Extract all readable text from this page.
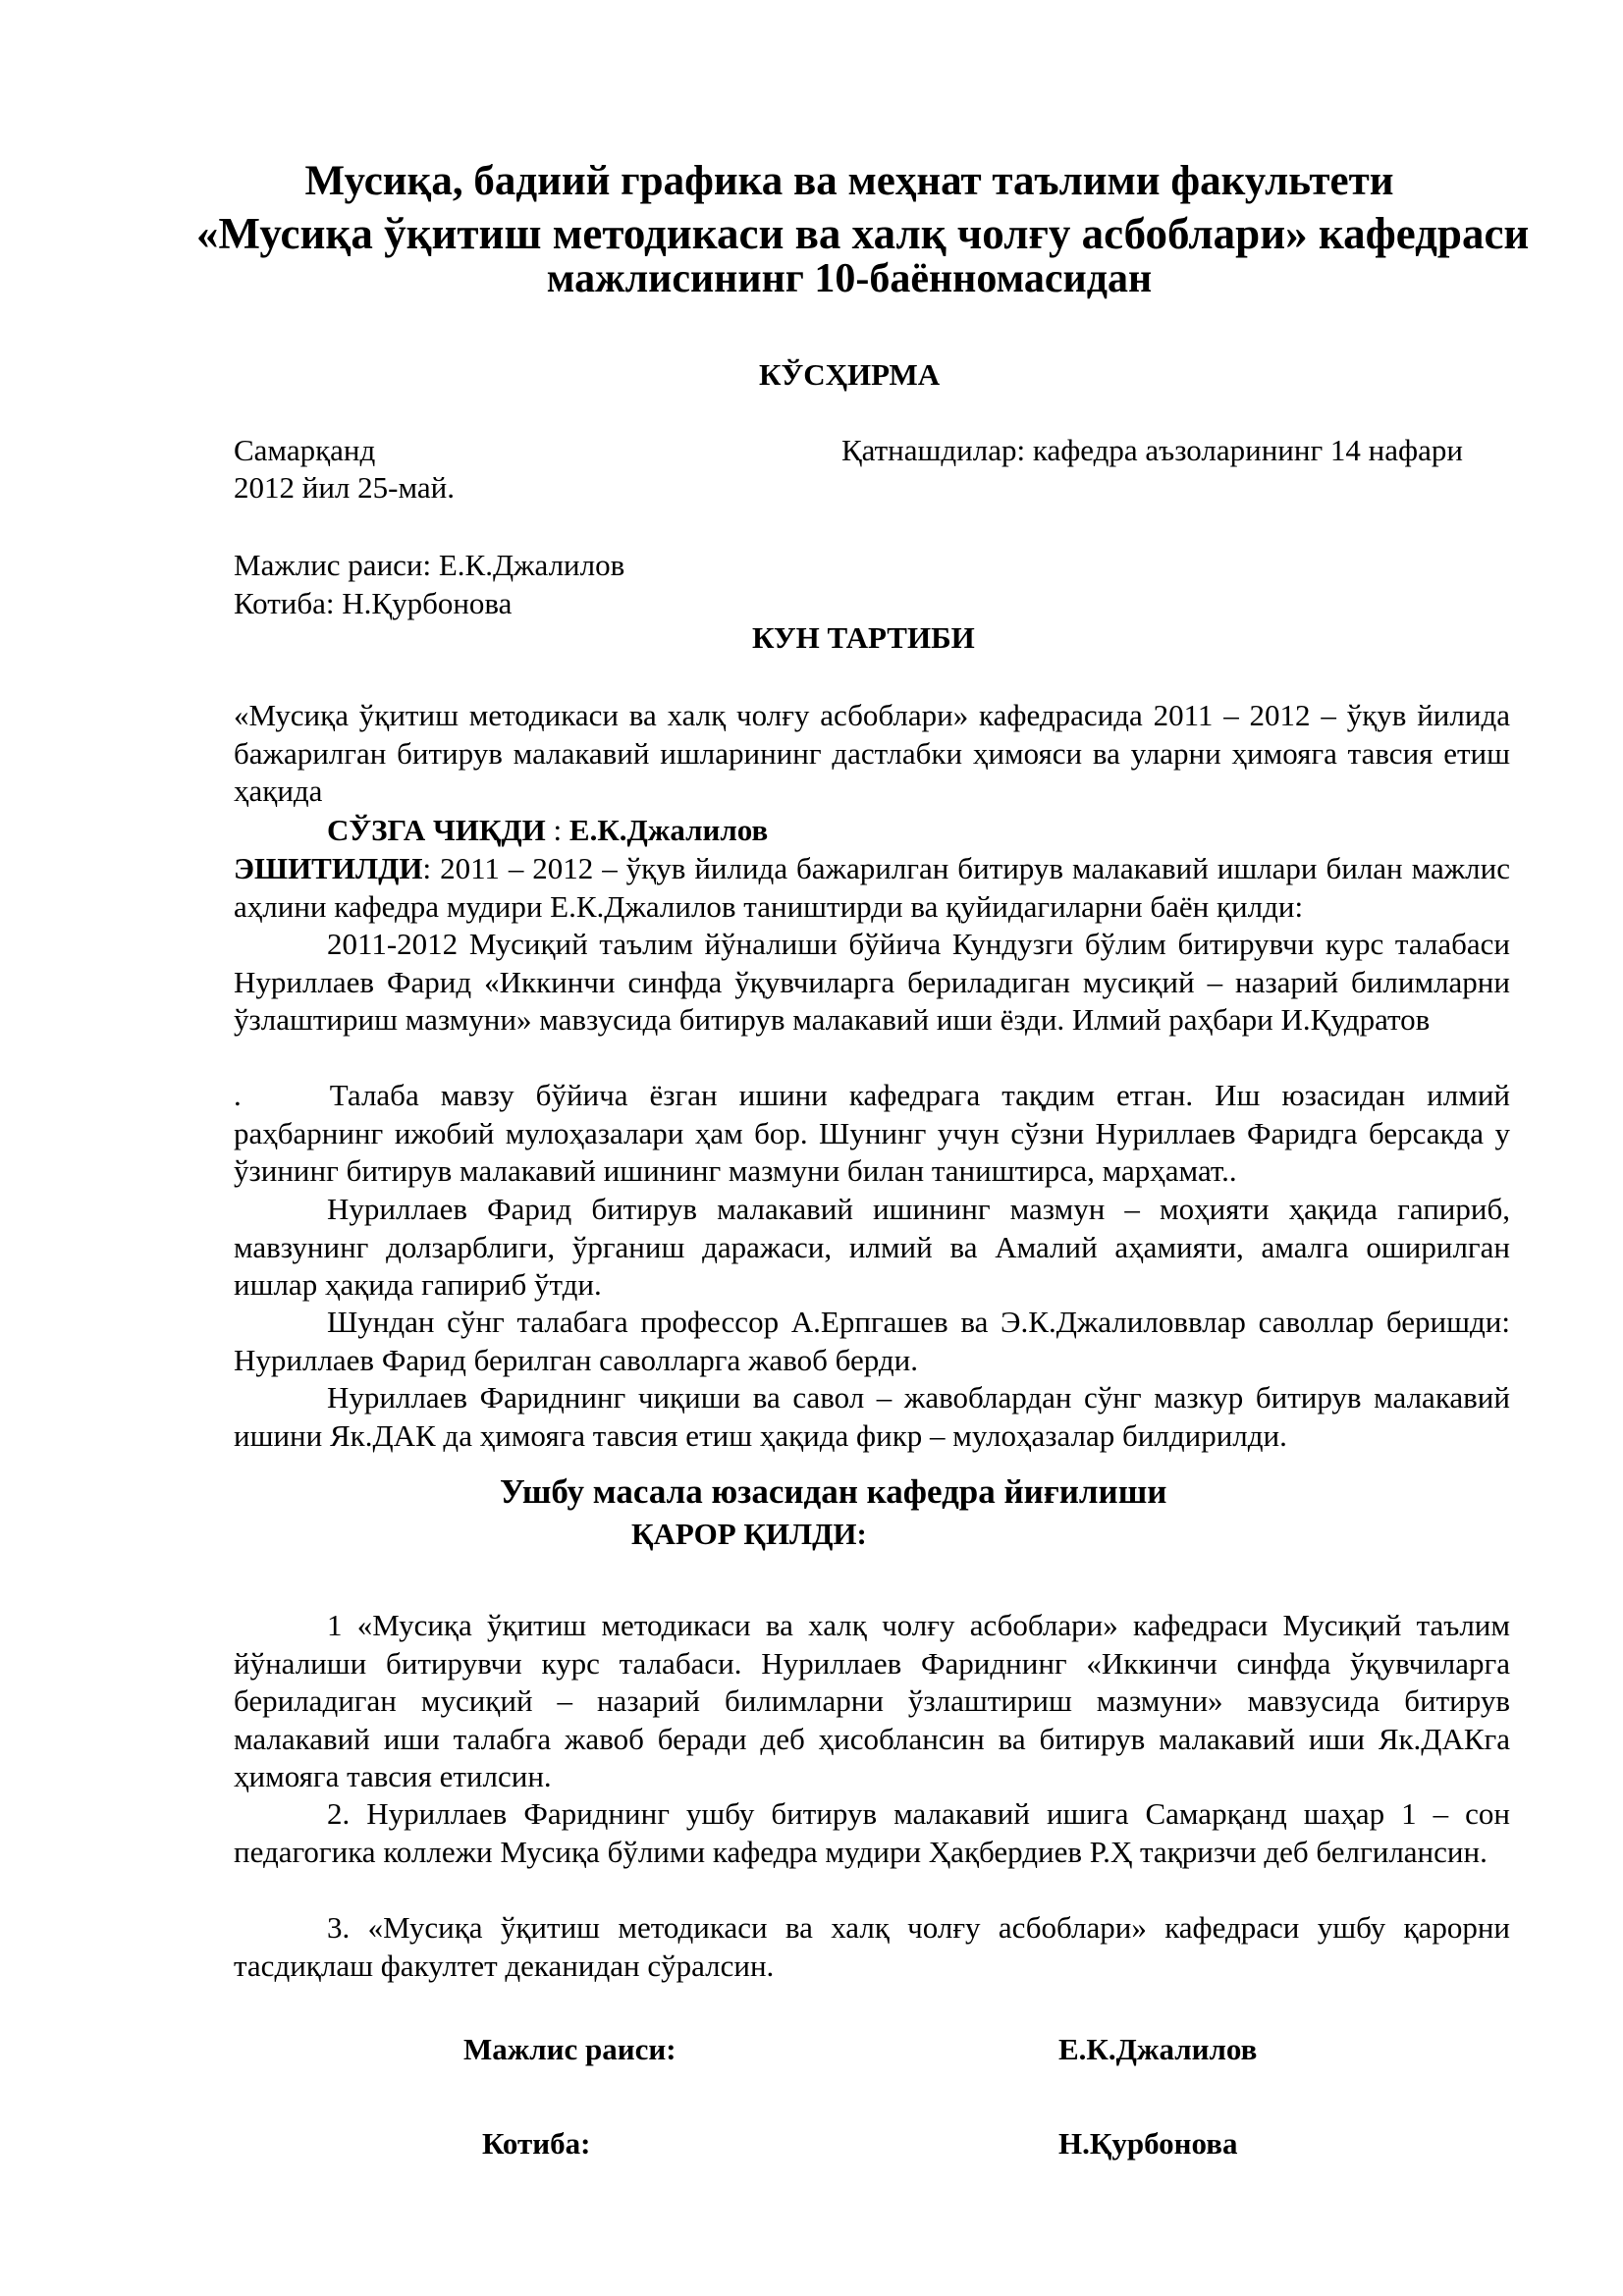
Мусиқа, бадиий графика ва меҳнат таълими факультети
«Мусиқа ўқитиш методикаси ва халқ чолғу асбоблари» кафедраси
мажлисининг 10-баённомасидан
КЎСҲИРМА
Самарқанд
2012 йил 25-май.
Қатнашдилар: кафедра аъзоларининг 14 нафари
Мажлис раиси: Е.К.Джалилов
Котиба: Н.Қурбонова
КУН ТАРТИБИ
«Мусиқа ўқитиш методикаси ва халқ чолғу асбоблари» кафедрасида 2011 – 2012 – ўқув йилида бажарилган битирув малакавий ишларининг дастлабки ҳимояси ва уларни ҳимояга тавсия етиш ҳақида
СЎЗГА ЧИҚДИ : Е.К.Джалилов
ЭШИТИЛДИ: 2011 – 2012 – ўқув йилида бажарилган битирув малакавий ишлари билан мажлис аҳлини кафедра мудири Е.К.Джалилов таништирди ва қуйидагиларни баён қилди:
2011-2012 Мусиқий таълим йўналиши бўйича Кундузги бўлим битирувчи курс талабаси Нуриллаев Фарид «Иккинчи синфда ўқувчиларга бериладиган мусиқий – назарий билимларни ўзлаштириш мазмуни» мавзусида битирув малакавий иши ёзди. Илмий раҳбари И.Қудратов
.	Талаба мавзу бўйича ёзган ишини кафедрага тақдим етган. Иш юзасидан илмий раҳбарнинг ижобий мулоҳазалари ҳам бор. Шунинг учун сўзни Нуриллаев Фаридга берсакда у ўзининг битирув малакавий ишининг мазмуни билан таништирса, марҳамат..
Нуриллаев Фарид битирув малакавий ишининг мазмун – моҳияти ҳақида гапириб, мавзунинг долзарблиги, ўрганиш даражаси, илмий ва Амалий аҳамияти, амалга оширилган ишлар ҳақида гапириб ўтди.
Шундан сўнг талабага профессор А.Ерпгашев ва Э.К.Джалиловвлар саволлар беришди: Нуриллаев Фарид берилган саволларга жавоб берди.
Нуриллаев Фариднинг чиқиши ва савол – жавоблардан сўнг мазкур битирув малакавий ишини Як.ДАК да ҳимояга тавсия етиш ҳақида фикр – мулоҳазалар билдирилди.
Ушбу масала юзасидан кафедра йиғилиши
ҚАРОР ҚИЛДИ:
1 «Мусиқа ўқитиш методикаси ва халқ чолғу асбоблари» кафедраси Мусиқий таълим йўналиши битирувчи курс талабаси. Нуриллаев Фариднинг «Иккинчи синфда ўқувчиларга бериладиган мусиқий – назарий билимларни ўзлаштириш мазмуни» мавзусида битирув малакавий иши талабга жавоб беради деб ҳисоблансин ва битирув малакавий иши Як.ДАКга ҳимояга тавсия етилсин.
2. Нуриллаев Фариднинг ушбу битирув малакавий ишига Самарқанд шаҳар 1 – сон педагогика коллежи Мусиқа бўлими кафедра мудири Ҳақбердиев Р.Ҳ тақризчи деб белгилансин.
3. «Мусиқа ўқитиш методикаси ва халқ чолғу асбоблари» кафедраси ушбу қарорни тасдиқлаш факултет деканидан сўралсин.
Мажлис раиси:	Е.К.Джалилов
Котиба:	Н.Қурбонова
